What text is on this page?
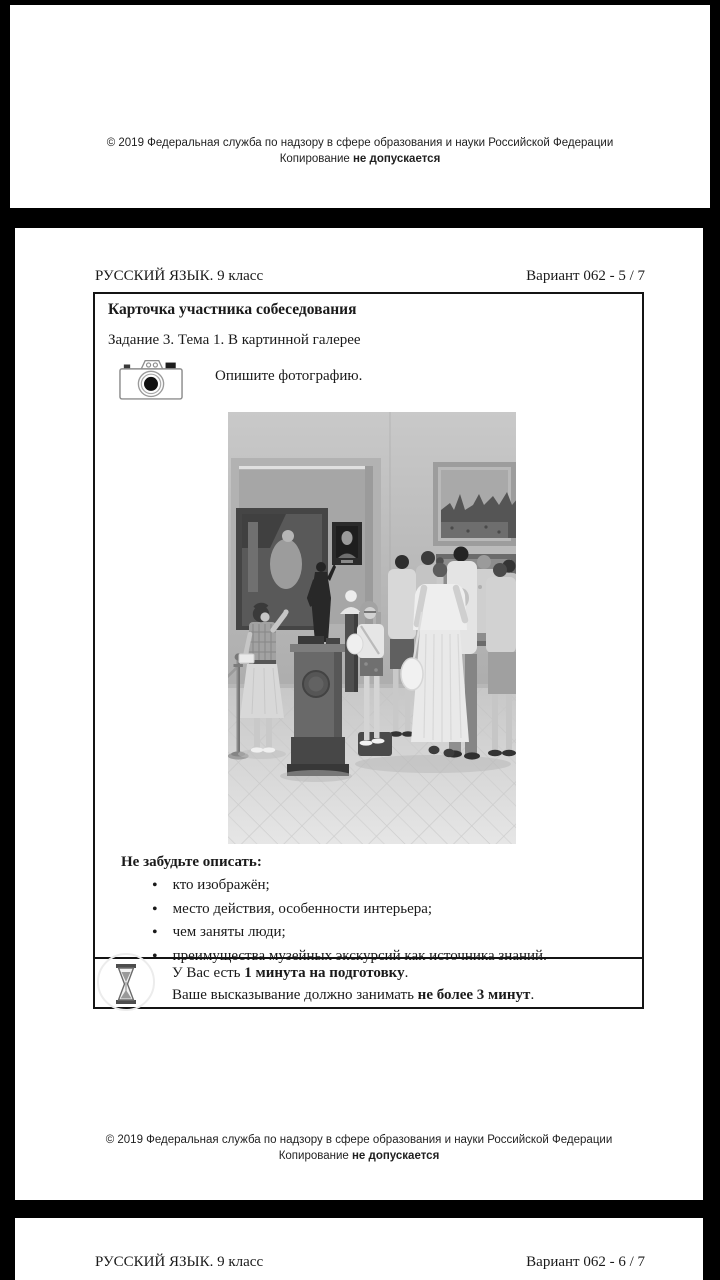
© 2019 Федеральная служба по надзору в сфере образования и науки Российской Федерации
Копирование не допускается
РУССКИЙ ЯЗЫК. 9 класс	Вариант 062 - 5 / 7
Карточка участника собеседования
Задание 3. Тема 1. В картинной галерее
Опишите фотографию.
Не забудьте описать:
• кто изображён;
• место действия, особенности интерьера;
• чем заняты люди;
• преимущества музейных экскурсий как источника знаний.
У Вас есть 1 минута на подготовку.
Ваше высказывание должно занимать не более 3 минут.
© 2019 Федеральная служба по надзору в сфере образования и науки Российской Федерации
Копирование не допускается
РУССКИЙ ЯЗЫК. 9 класс	Вариант 062 - 6 / 7
